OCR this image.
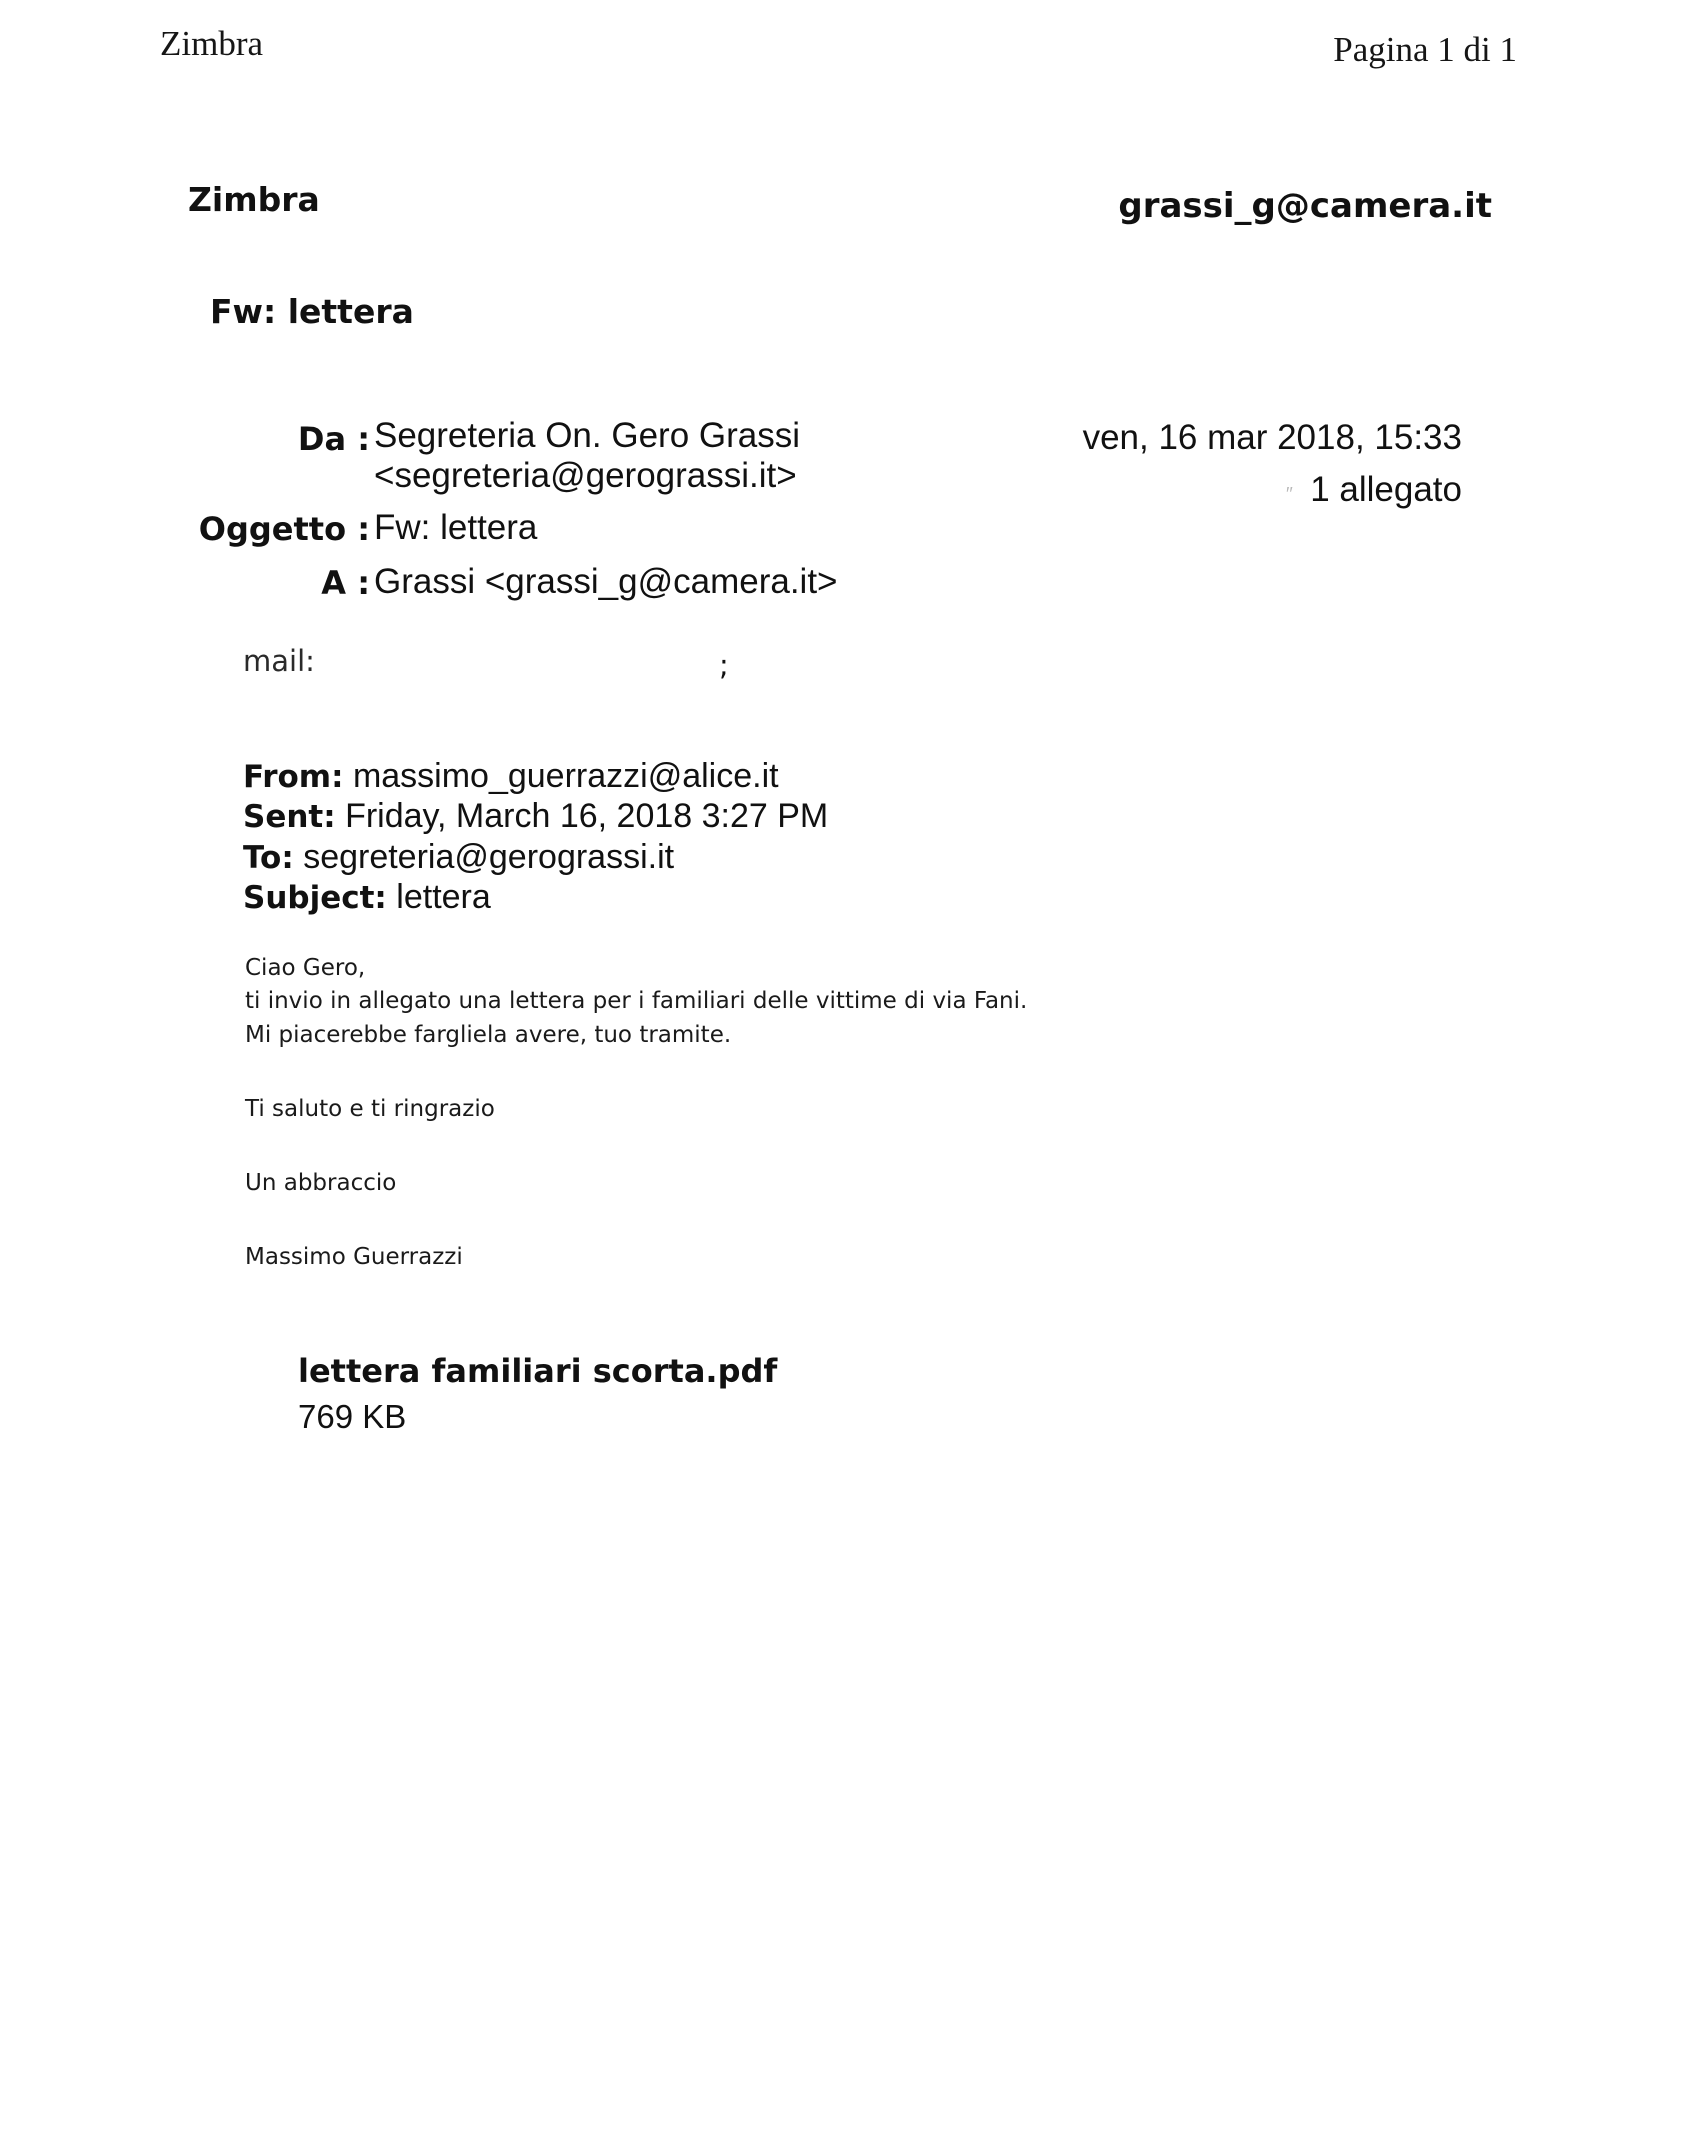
Zimbra	Pagina 1 di 1
Zimbra	grassi_g@camera.it
Fw: lettera
Da : Segreteria On. Gero Grassi
<segreteria@gerograssi.it>
Oggetto : Fw: lettera
A : Grassi <grassi_g@camera.it>
ven, 16 mar 2018, 15:33
′′ 1 allegato
mail:	;
From: massimo_guerrazzi@alice.it
Sent: Friday, March 16, 2018 3:27 PM
To: segreteria@gerograssi.it
Subject: lettera
Ciao Gero,
ti invio in allegato una lettera per i familiari delle vittime di via Fani.
Mi piacerebbe fargliela avere, tuo tramite.
Ti saluto e ti ringrazio
Un abbraccio
Massimo Guerrazzi
lettera familiari scorta.pdf
769 KB
